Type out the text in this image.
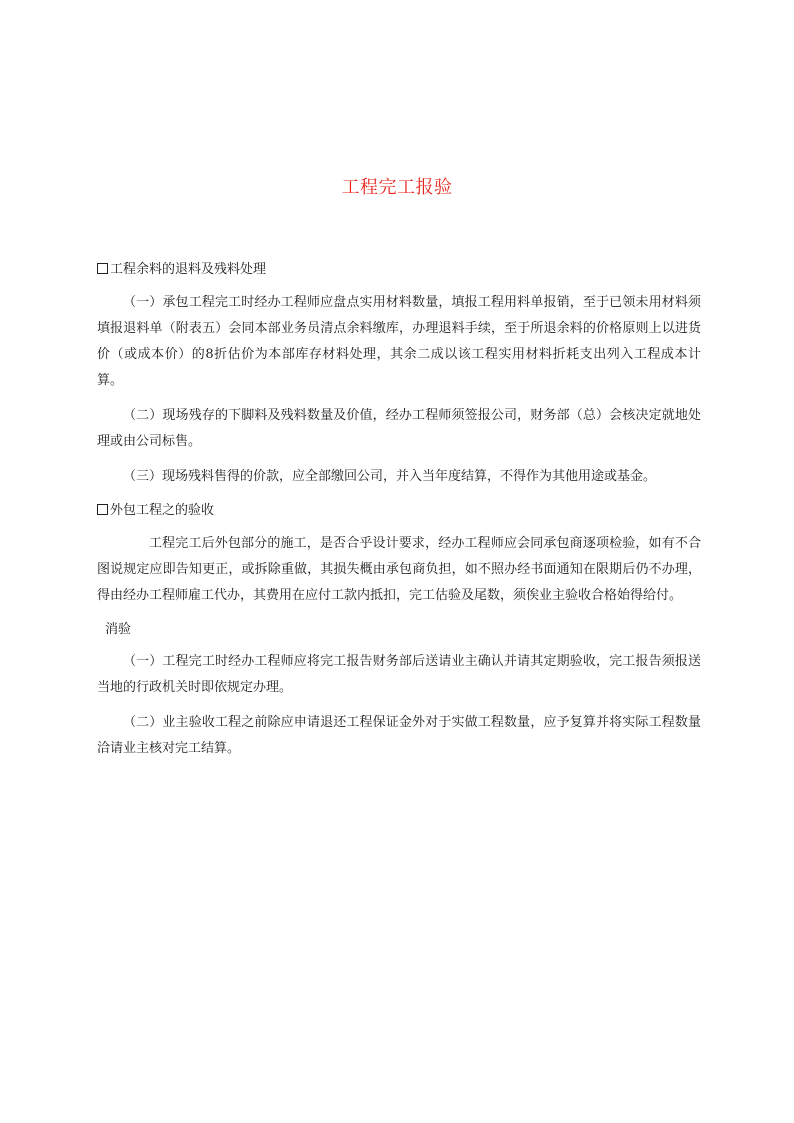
工程完工报验
工程余料的退料及残料处理

（一）承包工程完工时经办工程师应盘点实用材料数量，填报工程用料单报销，至于已领未用材料须填报退料单（附表五）会同本部业务员清点余料缴库，办理退料手续，至于所退余料的价格原则上以进货价（或成本价）的8折估价为本部库存材料处理，其余二成以该工程实用材料折耗支出列入工程成本计算。

（二）现场残存的下脚料及残料数量及价值，经办工程师须签报公司，财务部（总）会核决定就地处理或由公司标售。

（三）现场残料售得的价款，应全部缴回公司，并入当年度结算，不得作为其他用途或基金。

外包工程之的验收

工程完工后外包部分的施工，是否合乎设计要求，经办工程师应会同承包商逐项检验，如有不合图说规定应即告知更正，或拆除重做，其损失概由承包商负担，如不照办经书面通知在限期后仍不办理，得由经办工程师雇工代办，其费用在应付工款内抵扣，完工估验及尾数，须俟业主验收合格始得给付。

消验

（一）工程完工时经办工程师应将完工报告财务部后送请业主确认并请其定期验收，完工报告须报送当地的行政机关时即依规定办理。

（二）业主验收工程之前除应申请退还工程保证金外对于实做工程数量，应予复算并将实际工程数量洽请业主核对完工结算。
